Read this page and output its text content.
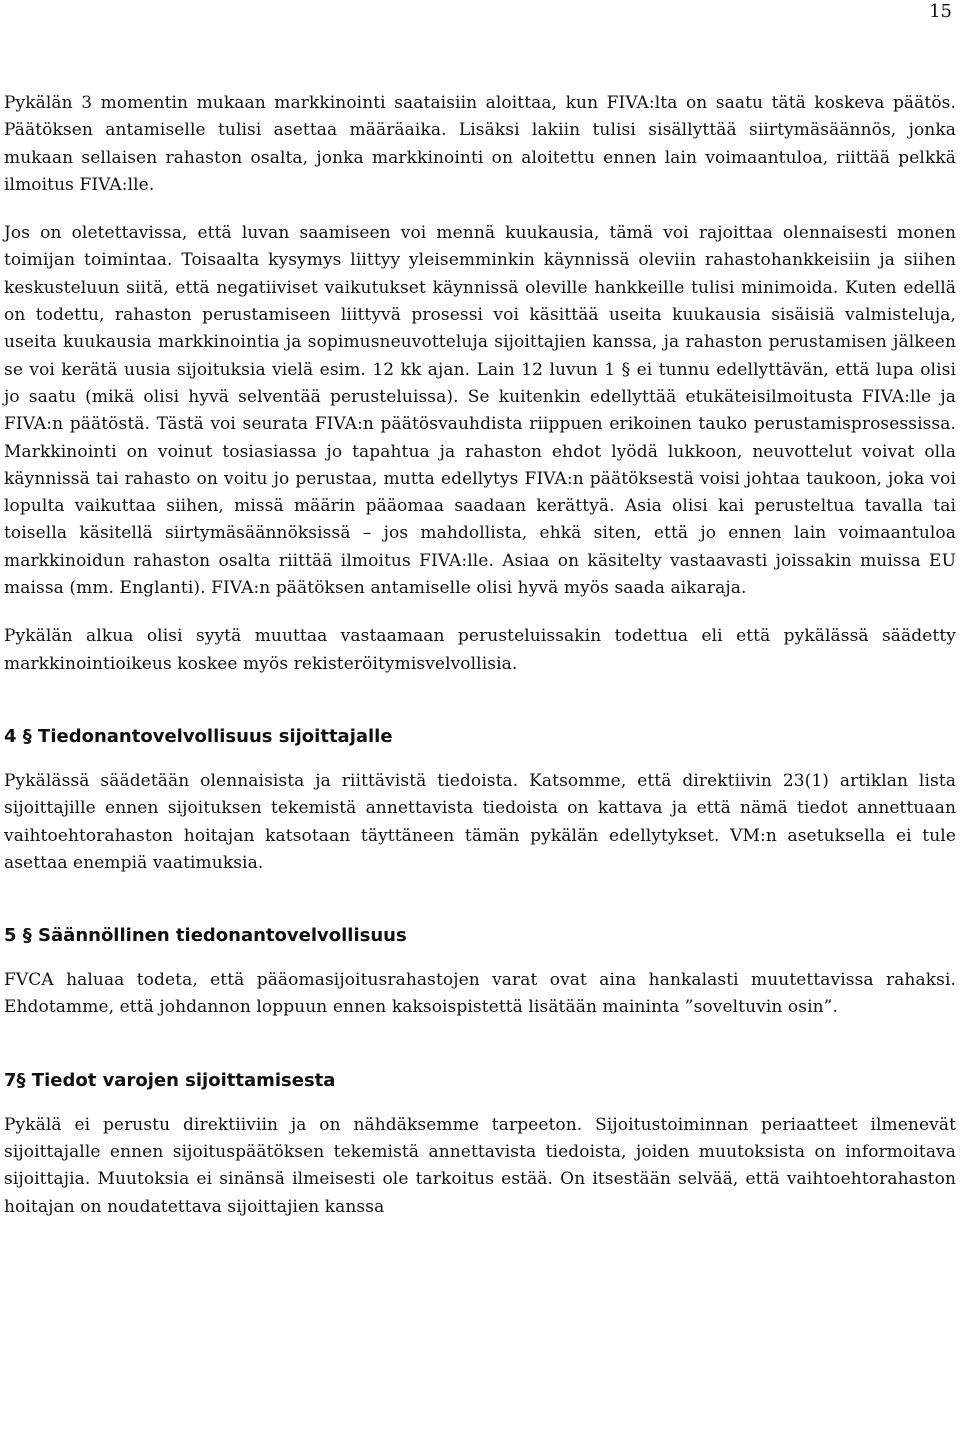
15

Pykälän 3 momentin mukaan markkinointi saataisiin aloittaa, kun FIVA:lta on saatu tätä koskeva päätös. Päätöksen antamiselle tulisi asettaa määräaika. Lisäksi lakiin tulisi sisällyttää siirtymäsäännös, jonka mukaan sellaisen rahaston osalta, jonka markkinointi on aloitettu ennen lain voimaantuloa, riittää pelkkä ilmoitus FIVA:lle.

Jos on oletettavissa, että luvan saamiseen voi mennä kuukausia, tämä voi rajoittaa olennaisesti monen toimijan toimintaa. Toisaalta kysymys liittyy yleisemminkin käynnissä oleviin rahastohankkeisiin ja siihen keskusteluun siitä, että negatiiviset vaikutukset käynnissä oleville hankkeille tulisi minimoida. Kuten edellä on todettu, rahaston perustamiseen liittyvä prosessi voi käsittää useita kuukausia sisäisiä valmisteluja, useita kuukausia markkinointia ja sopimusneuvotteluja sijoittajien kanssa, ja rahaston perustamisen jälkeen se voi kerätä uusia sijoituksia vielä esim. 12 kk ajan. Lain 12 luvun 1 § ei tunnu edellyttävän, että lupa olisi jo saatu (mikä olisi hyvä selventää perusteluissa). Se kuitenkin edellyttää etukäteisilmoitusta FIVA:lle ja FIVA:n päätöstä. Tästä voi seurata FIVA:n päätösvauhdista riippuen erikoinen tauko perustamisprosessissa. Markkinointi on voinut tosiasiassa jo tapahtua ja rahaston ehdot lyödä lukkoon, neuvottelut voivat olla käynnissä tai rahasto on voitu jo perustaa, mutta edellytys FIVA:n päätöksestä voisi johtaa taukoon, joka voi lopulta vaikuttaa siihen, missä määrin pääomaa saadaan kerättyä. Asia olisi kai perusteltua tavalla tai toisella käsitellä siirtymäsäännöksissä – jos mahdollista, ehkä siten, että jo ennen lain voimaantuloa markkinoidun rahaston osalta riittää ilmoitus FIVA:lle. Asiaa on käsitelty vastaavasti joissakin muissa EU maissa (mm. Englanti). FIVA:n päätöksen antamiselle olisi hyvä myös saada aikaraja.

Pykälän alkua olisi syytä muuttaa vastaamaan perusteluissakin todettua eli että pykälässä säädetty markkinointioikeus koskee myös rekisteröitymisvelvollisia.

4 § Tiedonantovelvollisuus sijoittajalle

Pykälässä säädetään olennaisista ja riittävistä tiedoista. Katsomme, että direktiivin 23(1) artiklan lista sijoittajille ennen sijoituksen tekemistä annettavista tiedoista on kattava ja että nämä tiedot annettuaan vaihtoehtorahaston hoitajan katsotaan täyttäneen tämän pykälän edellytykset. VM:n asetuksella ei tule asettaa enempiä vaatimuksia.

5 § Säännöllinen tiedonantovelvollisuus

FVCA haluaa todeta, että pääomasijoitusrahastojen varat ovat aina hankalasti muutettavissa rahaksi. Ehdotamme, että johdannon loppuun ennen kaksoispistettä lisätään maininta ”soveltuvin osin”.

7§ Tiedot varojen sijoittamisesta

Pykälä ei perustu direktiiviin ja on nähdäksemme tarpeeton. Sijoitustoiminnan periaatteet ilmenevät sijoittajalle ennen sijoituspäätöksen tekemistä annettavista tiedoista, joiden muutoksista on informoitava sijoittajia. Muutoksia ei sinänsä ilmeisesti ole tarkoitus estää. On itsestään selvää, että vaihtoehtorahaston hoitajan on noudatettava sijoittajien kanssa
